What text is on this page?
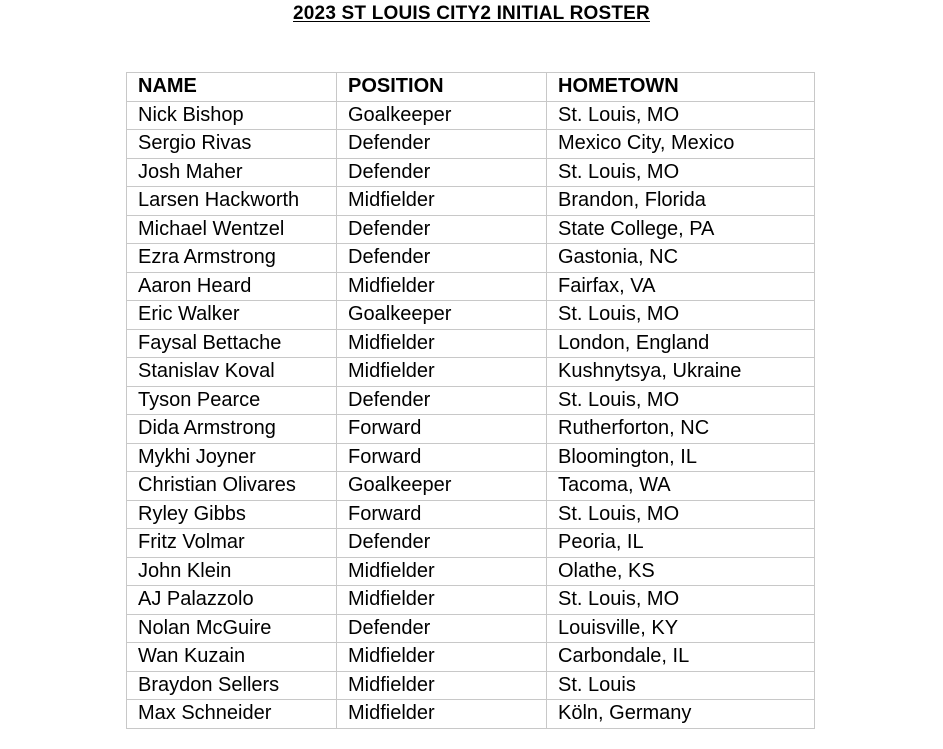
2023 ST LOUIS CITY2 INITIAL ROSTER
NAME	POSITION	HOMETOWN
Nick Bishop	Goalkeeper	St. Louis, MO
Sergio Rivas	Defender	Mexico City, Mexico
Josh Maher	Defender	St. Louis, MO
Larsen Hackworth	Midfielder	Brandon, Florida
Michael Wentzel	Defender	State College, PA
Ezra Armstrong	Defender	Gastonia, NC
Aaron Heard	Midfielder	Fairfax, VA
Eric Walker	Goalkeeper	St. Louis, MO
Faysal Bettache	Midfielder	London, England
Stanislav Koval	Midfielder	Kushnytsya, Ukraine
Tyson Pearce	Defender	St. Louis, MO
Dida Armstrong	Forward	Rutherforton, NC
Mykhi Joyner	Forward	Bloomington, IL
Christian Olivares	Goalkeeper	Tacoma, WA
Ryley Gibbs	Forward	St. Louis, MO
Fritz Volmar	Defender	Peoria, IL
John Klein	Midfielder	Olathe, KS
AJ Palazzolo	Midfielder	St. Louis, MO
Nolan McGuire	Defender	Louisville, KY
Wan Kuzain	Midfielder	Carbondale, IL
Braydon Sellers	Midfielder	St. Louis
Max Schneider	Midfielder	Köln, Germany
